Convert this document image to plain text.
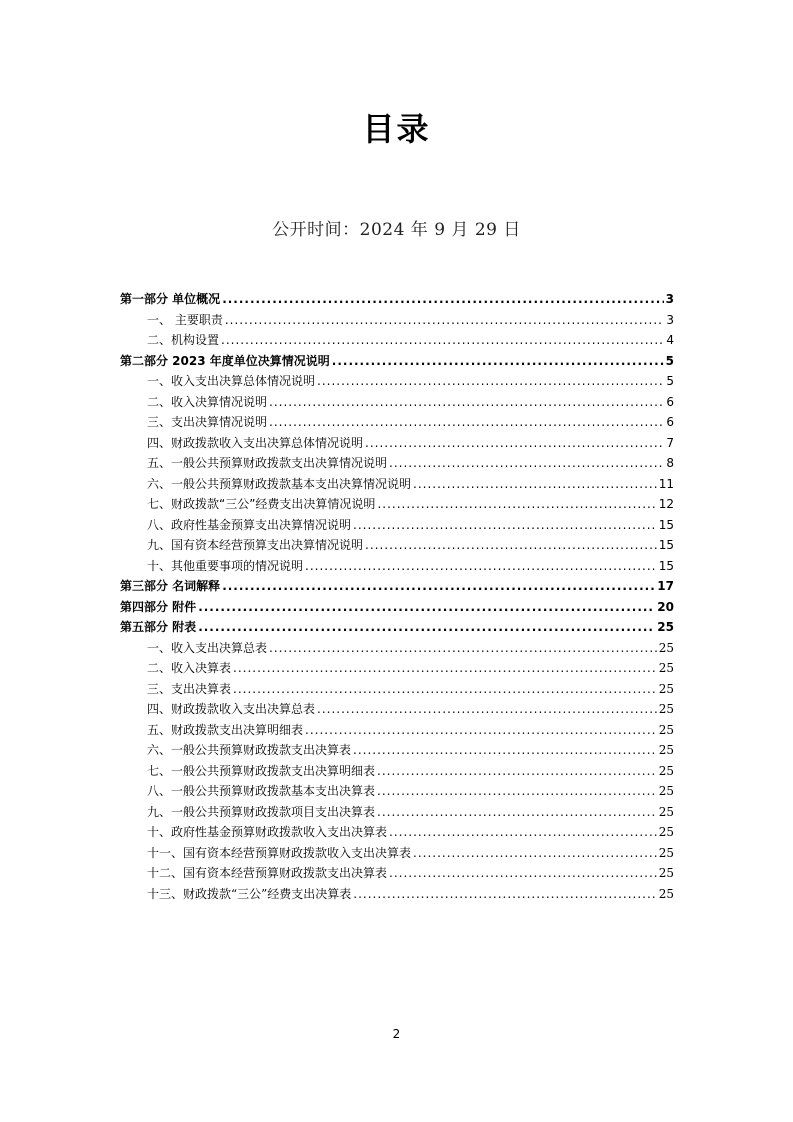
目录
公开时间：2024 年 9 月 29 日
第一部分 单位概况 .....	3
一、 主要职责 .....	3
二、机构设置 .....	4
第二部分 2023 年度单位决算情况说明 .....	5
一、收入支出决算总体情况说明 .....	5
二、收入决算情况说明 .....	6
三、支出决算情况说明 .....	6
四、财政拨款收入支出决算总体情况说明 .....	7
五、一般公共预算财政拨款支出决算情况说明 .....	8
六、一般公共预算财政拨款基本支出决算情况说明 .....	11
七、财政拨款“三公”经费支出决算情况说明 .....	12
八、政府性基金预算支出决算情况说明 .....	15
九、国有资本经营预算支出决算情况说明 .....	15
十、其他重要事项的情况说明 .....	15
第三部分 名词解释 .....	17
第四部分 附件 .....	20
第五部分 附表 .....	25
一、收入支出决算总表 .....	25
二、收入决算表 .....	25
三、支出决算表 .....	25
四、财政拨款收入支出决算总表 .....	25
五、财政拨款支出决算明细表 .....	25
六、一般公共预算财政拨款支出决算表 .....	25
七、一般公共预算财政拨款支出决算明细表 .....	25
八、一般公共预算财政拨款基本支出决算表 .....	25
九、一般公共预算财政拨款项目支出决算表 .....	25
十、政府性基金预算财政拨款收入支出决算表 .....	25
十一、国有资本经营预算财政拨款收入支出决算表 .....	25
十二、国有资本经营预算财政拨款支出决算表 .....	25
十三、财政拨款“三公”经费支出决算表 .....	25
2
